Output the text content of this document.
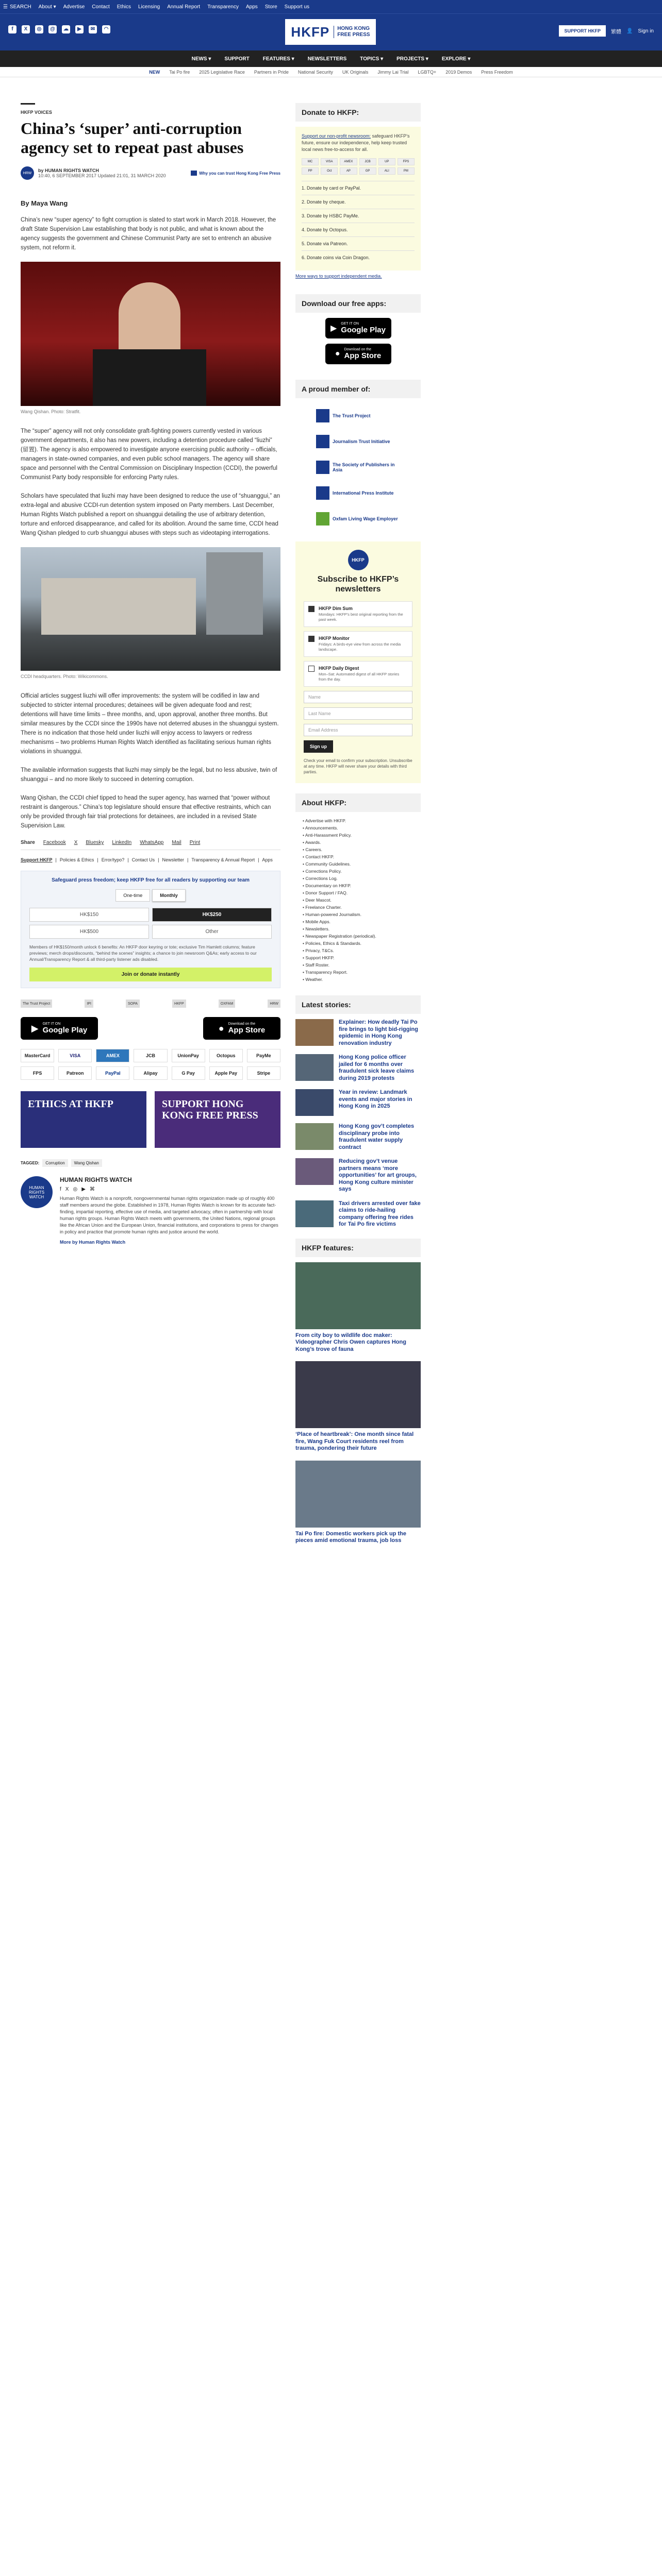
☰ SEARCH About ▾ Advertise Contact Ethics Licensing Annual Report Transparency Apps Store Support us
f	X	◎	@	☁	▶	✉	◠	HKFP	HONG KONG
FREE PRESS
SUPPORT HKFP	繁體 👤 Sign in
NEWS ▾	SUPPORT	FEATURES ▾	NEWSLETTERS	TOPICS ▾	PROJECTS ▾	EXPLORE ▾
NEW Tai Po fire 2025 Legislative Race Partners in Pride National Security UK Originals Jimmy Lai Trial LGBTQ+ 2019 Demos Press Freedom
HKFP VOICES
China’s ‘super’ anti-corruption agency set to repeat past abuses
HRW	by HUMAN RIGHTS WATCH
10:40, 6 SEPTEMBER 2017 Updated 21:01, 31 MARCH 2020	Why you can trust Hong Kong Free Press
By Maya Wang

China’s new “super agency” to fight corruption is slated to start work in March 2018. However, the draft State Supervision Law establishing that body is not public, and what is known about the agency suggests the government and Chinese Communist Party are set to entrench an abusive system, not reform it.

Wang Qishan. Photo: Stratfit.

The “super” agency will not only consolidate graft-fighting powers currently vested in various government departments, it also has new powers, including a detention procedure called “liuzhi” (留置). The agency is also empowered to investigate anyone exercising public authority – officials, managers in state-owned companies, and even public school managers. The agency will share space and personnel with the Central Commission on Disciplinary Inspection (CCDI), the powerful Communist Party body responsible for enforcing Party rules.

Scholars have speculated that liuzhi may have been designed to reduce the use of “shuanggui,” an extra-legal and abusive CCDI-run detention system imposed on Party members. Last December, Human Rights Watch published a report on shuanggui detailing the use of arbitrary detention, torture and enforced disappearance, and called for its abolition. Around the same time, CCDI head Wang Qishan pledged to curb shuanggui abuses with steps such as videotaping interrogations.

CCDI headquarters. Photo: Wikicommons.

Official articles suggest liuzhi will offer improvements: the system will be codified in law and subjected to stricter internal procedures; detainees will be given adequate food and rest; detentions will have time limits – three months, and, upon approval, another three months. But similar measures by the CCDI since the 1990s have not deterred abuses in the shuanggui system. There is no indication that those held under liuzhi will enjoy access to lawyers or redress mechanisms – two problems Human Rights Watch identified as facilitating serious human rights violations in shuanggui.

The available information suggests that liuzhi may simply be the legal, but no less abusive, twin of shuanggui – and no more likely to succeed in deterring corruption.

Wang Qishan, the CCDI chief tipped to head the super agency, has warned that “power without restraint is dangerous.” China’s top legislature should ensure that effective restraints, which can only be provided through fair trial protections for detainees, are included in a revised State Supervision Law.

Share Facebook X Bluesky LinkedIn WhatsApp Mail Print
Support HKFP | Policies & Ethics | Error/typo? | Contact Us | Newsletter | Transparency & Annual Report | Apps
Safeguard press freedom; keep HKFP free for all readers by supporting our team
One-time	Monthly
HK$150	HK$250
HK$500	Other
Members of HK$150/month unlock 6 benefits: An HKFP door keyring or tote; exclusive Tim Hamlett columns; feature previews; merch drops/discounts, “behind the scenes” insights; a chance to join newsroom Q&As; early access to our Annual/Transparency Report & all third-party listener ads disabled.
Join or donate instantly
The Trust Project	IPI	SOPA	HKFP	OXFAM	HRW
▶ GET IT ON
Google Play	● Download on the
App Store
MasterCard	VISA	AMEX	JCB	UnionPay	Octopus	PayMe
FPS	Patreon	PayPal	Alipay	G Pay	Apple Pay	Stripe
ETHICS AT HKFP	SUPPORT HONG KONG FREE PRESS
TAGGED:	Corruption	Wang Qishan
HUMAN
RIGHTS
WATCH
HUMAN RIGHTS WATCH
f X ◎ ▶ ⌘

Human Rights Watch is a nonprofit, nongovernmental human rights organization made up of roughly 400 staff members around the globe. Established in 1978, Human Rights Watch is known for its accurate fact-finding, impartial reporting, effective use of media, and targeted advocacy, often in partnership with local human rights groups. Human Rights Watch meets with governments, the United Nations, regional groups like the African Union and the European Union, financial institutions, and corporations to press for changes in policy and practice that promote human rights and justice around the world.

More by Human Rights Watch
Donate to HKFP:
Support our non-profit newsroom: safeguard HKFP’s future, ensure our independence, help keep trusted local news free-to-access for all.
MC	VISA	AMEX	JCB	UP	FPS
PP	Oct	AP	GP	ALI	PM
1. Donate by card or PayPal.
2. Donate by cheque.
3. Donate by HSBC PayMe.
4. Donate by Octopus.
5. Donate via Patreon.
6. Donate coins via Coin Dragon.
More ways to support independent media.
Download our free apps:
▶
GET IT ON
Google Play
● Download on the
App Store
A proud member of:
The Trust Project
Journalism Trust Initiative
The Society of Publishers in Asia
International Press Institute
Oxfam Living Wage Employer
HKFP
Subscribe to HKFP’s newsletters
HKFP Dim Sum
Mondays: HKFP’s best original reporting from the past week.
HKFP Monitor
Fridays: A birds-eye view from across the media landscape.
HKFP Daily Digest
Mon–Sat: Automated digest of all HKFP stories from the day.
Name
Last Name
Email Address
Sign up
Check your email to confirm your subscription. Unsubscribe at any time. HKFP will never share your details with third parties.
About HKFP:
• Advertise with HKFP.
• Announcements.
• Anti-Harassment Policy.
• Awards.
• Careers.
• Contact HKFP.
• Community Guidelines.
• Corrections Policy.
• Corrections Log.
• Documentary on HKFP.
• Donor Support / FAQ.
• Deer Mascot.
• Freelance Charter.
• Human-powered Journalism.
• Mobile Apps.
• Newsletters.
• Newspaper Registration (periodical).
• Policies, Ethics & Standards.
• Privacy, T&Cs.
• Support HKFP.
• Staff Roster.
• Transparency Report.
• Weather.
Latest stories:
Explainer: How deadly Tai Po fire brings to light bid-rigging epidemic in Hong Kong renovation industry
Hong Kong police officer jailed for 6 months over fraudulent sick leave claims during 2019 protests
Year in review: Landmark events and major stories in Hong Kong in 2025
Hong Kong gov’t completes disciplinary probe into fraudulent water supply contract
Reducing gov’t venue partners means ‘more opportunities’ for art groups, Hong Kong culture minister says
Taxi drivers arrested over fake claims to ride-hailing company offering free rides for Tai Po fire victims
HKFP features:
From city boy to wildlife doc maker: Videographer Chris Owen captures Hong Kong’s trove of fauna
‘Place of heartbreak’: One month since fatal fire, Wang Fuk Court residents reel from trauma, pondering their future
Tai Po fire: Domestic workers pick up the pieces amid emotional trauma, job loss
